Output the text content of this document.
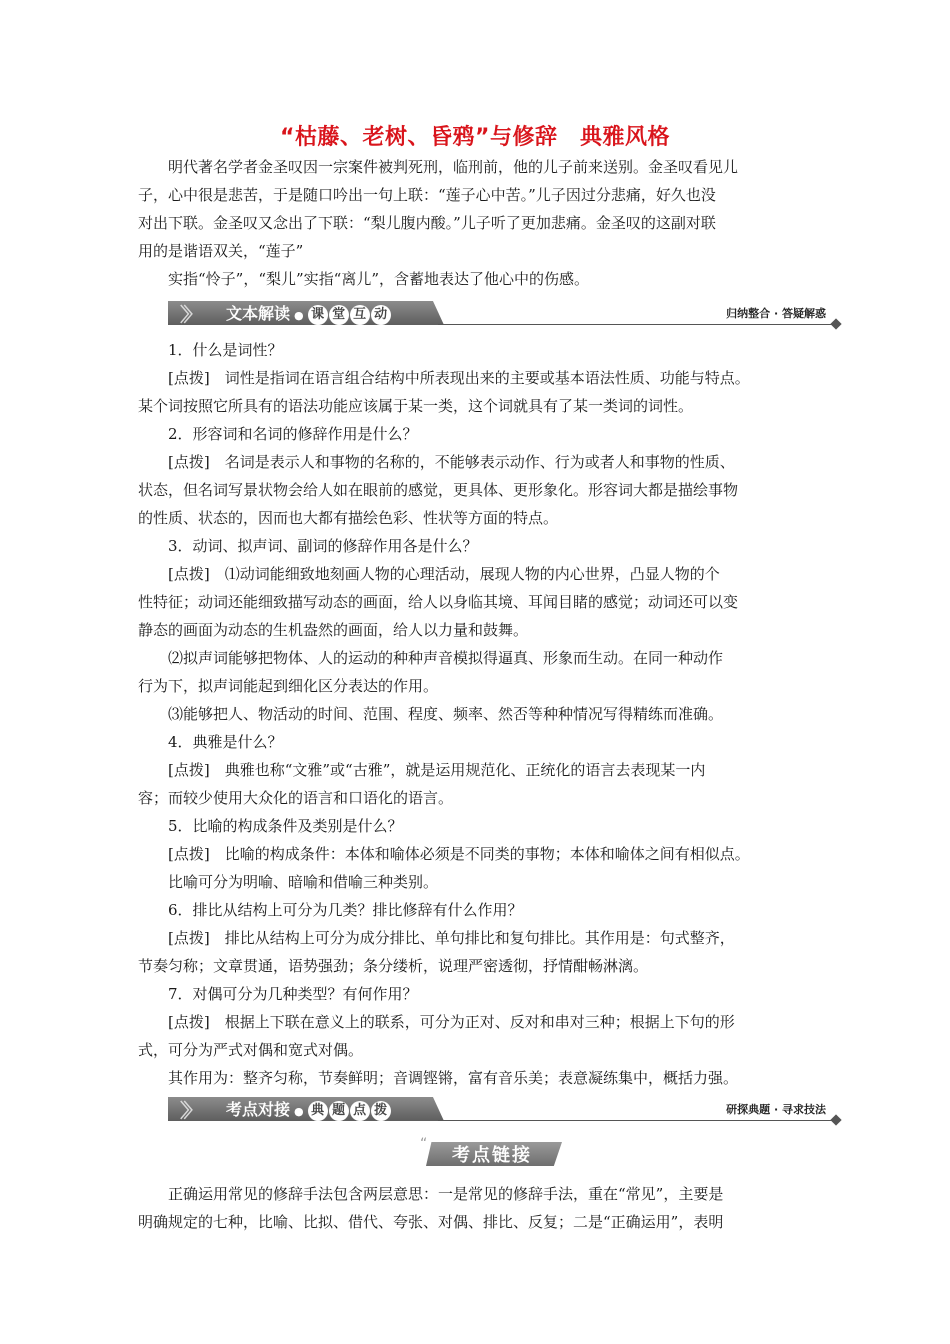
“枯藤、老树、昏鸦”与修辞　典雅风格

明代著名学者金圣叹因一宗案件被判死刑，临刑前，他的儿子前来送别。金圣叹看见儿

子，心中很是悲苦，于是随口吟出一句上联：“莲子心中苦。”儿子因过分悲痛，好久也没

对出下联。金圣叹又念出了下联：“梨儿腹内酸。”儿子听了更加悲痛。金圣叹的这副对联

用的是谐语双关，“莲子”

实指“怜子”，“梨儿”实指“离儿”，含蓄地表达了他心中的伤感。

〉〉 文本解读 ● 课 堂 互 动	归纳整合 · 答疑解惑

1．什么是词性？

[点拨]　词性是指词在语言组合结构中所表现出来的主要或基本语法性质、功能与特点。

某个词按照它所具有的语法功能应该属于某一类，这个词就具有了某一类词的词性。

2．形容词和名词的修辞作用是什么？

[点拨]　名词是表示人和事物的名称的，不能够表示动作、行为或者人和事物的性质、

状态，但名词写景状物会给人如在眼前的感觉，更具体、更形象化。形容词大都是描绘事物

的性质、状态的，因而也大都有描绘色彩、性状等方面的特点。

3．动词、拟声词、副词的修辞作用各是什么？

[点拨]　⑴动词能细致地刻画人物的心理活动，展现人物的内心世界，凸显人物的个

性特征；动词还能细致描写动态的画面，给人以身临其境、耳闻目睹的感觉；动词还可以变

静态的画面为动态的生机盎然的画面，给人以力量和鼓舞。

⑵拟声词能够把物体、人的运动的种种声音模拟得逼真、形象而生动。在同一种动作

行为下，拟声词能起到细化区分表达的作用。

⑶能够把人、物活动的时间、范围、程度、频率、然否等种种情况写得精练而准确。

4．典雅是什么？

[点拨]　典雅也称“文雅”或“古雅”，就是运用规范化、正统化的语言去表现某一内

容；而较少使用大众化的语言和口语化的语言。

5．比喻的构成条件及类别是什么？

[点拨]　比喻的构成条件：本体和喻体必须是不同类的事物；本体和喻体之间有相似点。

比喻可分为明喻、暗喻和借喻三种类别。

6．排比从结构上可分为几类？排比修辞有什么作用？

[点拨]　排比从结构上可分为成分排比、单句排比和复句排比。其作用是：句式整齐，

节奏匀称；文章贯通，语势强劲；条分缕析，说理严密透彻，抒情酣畅淋漓。

7．对偶可分为几种类型？有何作用？

[点拨]　根据上下联在意义上的联系，可分为正对、反对和串对三种；根据上下句的形

式，可分为严式对偶和宽式对偶。

其作用为：整齐匀称，节奏鲜明；音调铿锵，富有音乐美；表意凝练集中，概括力强。

〉〉 考点对接 ● 典 题 点 拨	研探典题 · 寻求技法
“
考点链接

正确运用常见的修辞手法包含两层意思：一是常见的修辞手法，重在“常见”，主要是

明确规定的七种，比喻、比拟、借代、夸张、对偶、排比、反复；二是“正确运用”，表明
